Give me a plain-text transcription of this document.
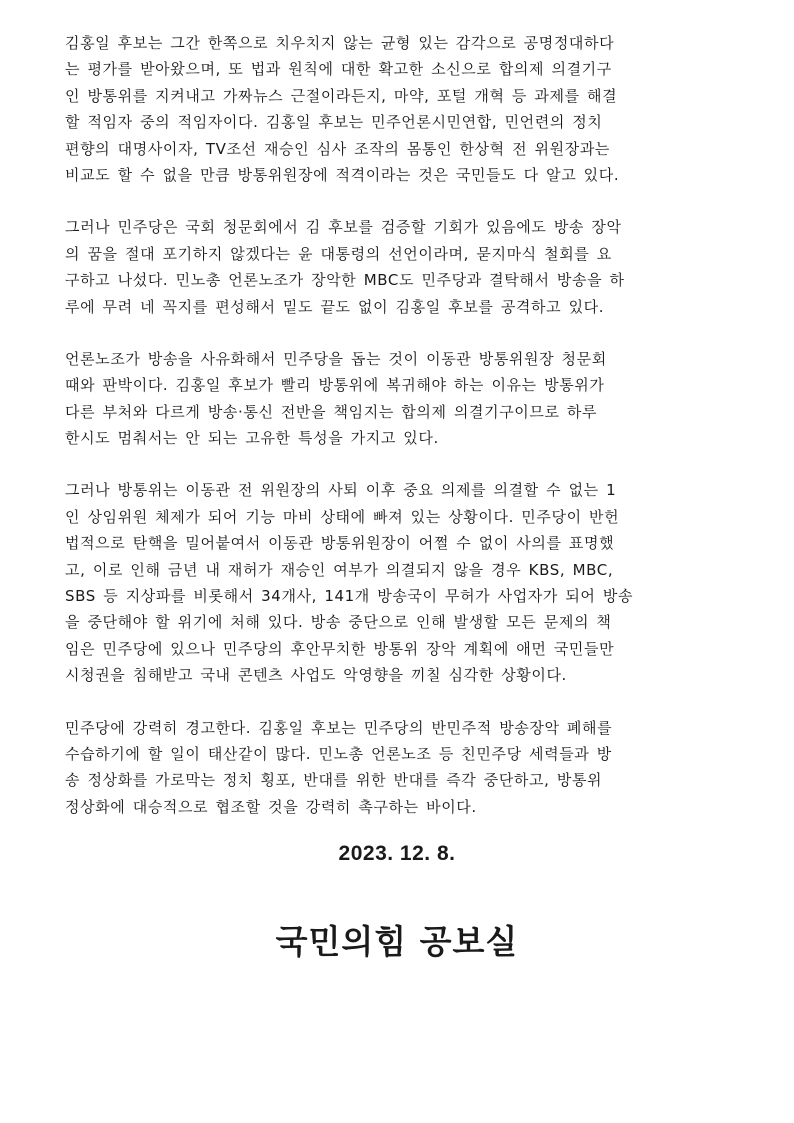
김홍일 후보는 그간 한쪽으로 치우치지 않는 균형 있는 감각으로 공명정대하다
는 평가를 받아왔으며, 또 법과 원칙에 대한 확고한 소신으로 합의제 의결기구
인 방통위를 지켜내고 가짜뉴스 근절이라든지, 마약, 포털 개혁 등 과제를 해결
할 적임자 중의 적임자이다. 김홍일 후보는 민주언론시민연합, 민언련의 정치
편향의 대명사이자, TV조선 재승인 심사 조작의 몸통인 한상혁 전 위원장과는
비교도 할 수 없을 만큼 방통위원장에 적격이라는 것은 국민들도 다 알고 있다.
그러나 민주당은 국회 청문회에서 김 후보를 검증할 기회가 있음에도 방송 장악
의 꿈을 절대 포기하지 않겠다는 윤 대통령의 선언이라며, 묻지마식 철회를 요
구하고 나섰다. 민노총 언론노조가 장악한 MBC도 민주당과 결탁해서 방송을 하
루에 무려 네 꼭지를 편성해서 밑도 끝도 없이 김홍일 후보를 공격하고 있다.
언론노조가 방송을 사유화해서 민주당을 돕는 것이 이동관 방통위원장 청문회
때와 판박이다. 김홍일 후보가 빨리 방통위에 복귀해야 하는 이유는 방통위가
다른 부처와 다르게 방송·통신 전반을 책임지는 합의제 의결기구이므로 하루
한시도 멈춰서는 안 되는 고유한 특성을 가지고 있다.
그러나 방통위는 이동관 전 위원장의 사퇴 이후 중요 의제를 의결할 수 없는 1
인 상임위원 체제가 되어 기능 마비 상태에 빠져 있는 상황이다. 민주당이 반헌
법적으로 탄핵을 밀어붙여서 이동관 방통위원장이 어쩔 수 없이 사의를 표명했
고, 이로 인해 금년 내 재허가 재승인 여부가 의결되지 않을 경우 KBS, MBC,
SBS 등 지상파를 비롯해서 34개사, 141개 방송국이 무허가 사업자가 되어 방송
을 중단해야 할 위기에 처해 있다. 방송 중단으로 인해 발생할 모든 문제의 책
임은 민주당에 있으나 민주당의 후안무치한 방통위 장악 계획에 애먼 국민들만
시청권을 침해받고 국내 콘텐츠 사업도 악영향을 끼칠 심각한 상황이다.
민주당에 강력히 경고한다. 김홍일 후보는 민주당의 반민주적 방송장악 폐해를
수습하기에 할 일이 태산같이 많다. 민노총 언론노조 등 친민주당 세력들과 방
송 정상화를 가로막는 정치 횡포, 반대를 위한 반대를 즉각 중단하고, 방통위
정상화에 대승적으로 협조할 것을 강력히 촉구하는 바이다.
2023. 12. 8.
국민의힘 공보실
